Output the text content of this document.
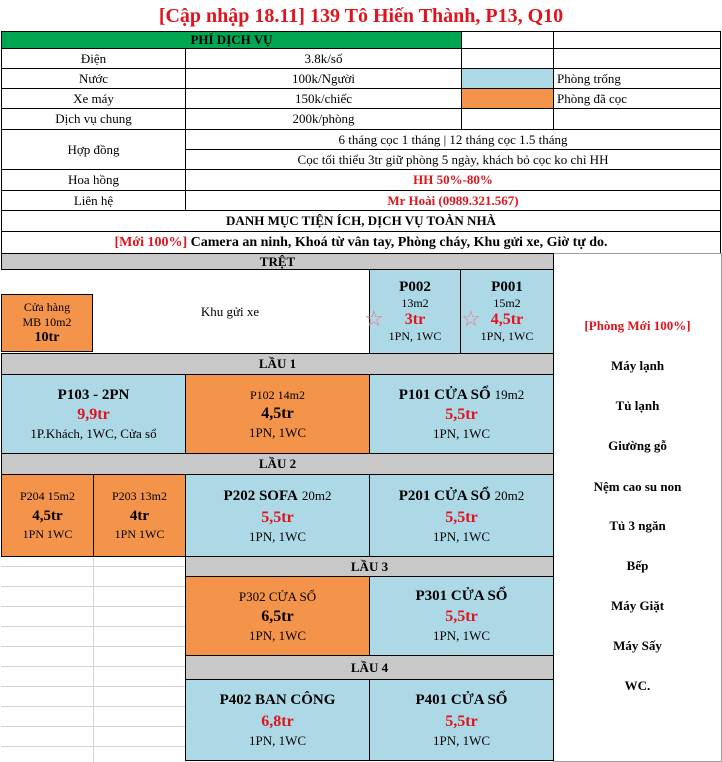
[Cập nhập 18.11] 139 Tô Hiến Thành, P13, Q10
PHÍ DỊCH VỤ
Điện	3.8k/số
Nước	100k/Người	Phòng trống
Xe máy	150k/chiếc	Phòng đã cọc
Dịch vụ chung	200k/phòng
Hợp đồng
6 tháng cọc 1 tháng | 12 tháng cọc 1.5 tháng
Cọc tối thiểu 3tr giữ phòng 5 ngày, khách bỏ cọc ko chỉ HH
Hoa hồng	HH 50%-80%
Liên hệ	Mr Hoài (0989.321.567)
DANH MỤC TIỆN ÍCH, DỊCH VỤ TOÀN NHÀ
[Mới 100%]
Camera an ninh, Khoá từ vân tay, Phòng cháy, Khu gửi xe, Giờ tự do.
[Phòng Mới 100%]
Máy lạnh
Tủ lạnh
Giường gỗ
Nệm cao su non
Tủ 3 ngăn
Bếp
Máy Giặt
Máy Sấy
WC.
TRỆT
Cửa hàng
MB 10m2
10tr
Khu gửi xe
P002
13m2
3tr
1PN, 1WC
☆
P001
15m2
4,5tr
1PN, 1WC
☆
LẦU 1
P103 - 2PN
9,9tr
1P.Khách, 1WC, Cửa sổ
P102 14m2
4,5tr
1PN, 1WC
P101 CỬA SỔ 19m2
5,5tr
1PN, 1WC
LẦU 2
P204 15m2
4,5tr
1PN 1WC
P203 13m2
4tr
1PN 1WC
P202 SOFA 20m2
5,5tr
1PN, 1WC
P201 CỬA SỔ 20m2
5,5tr
1PN, 1WC
LẦU 3
P302 CỬA SỔ
6,5tr
1PN, 1WC
P301 CỬA SỔ
5,5tr
1PN, 1WC
LẦU 4
P402 BAN CÔNG
6,8tr
1PN, 1WC
P401 CỬA SỔ
5,5tr
1PN, 1WC
